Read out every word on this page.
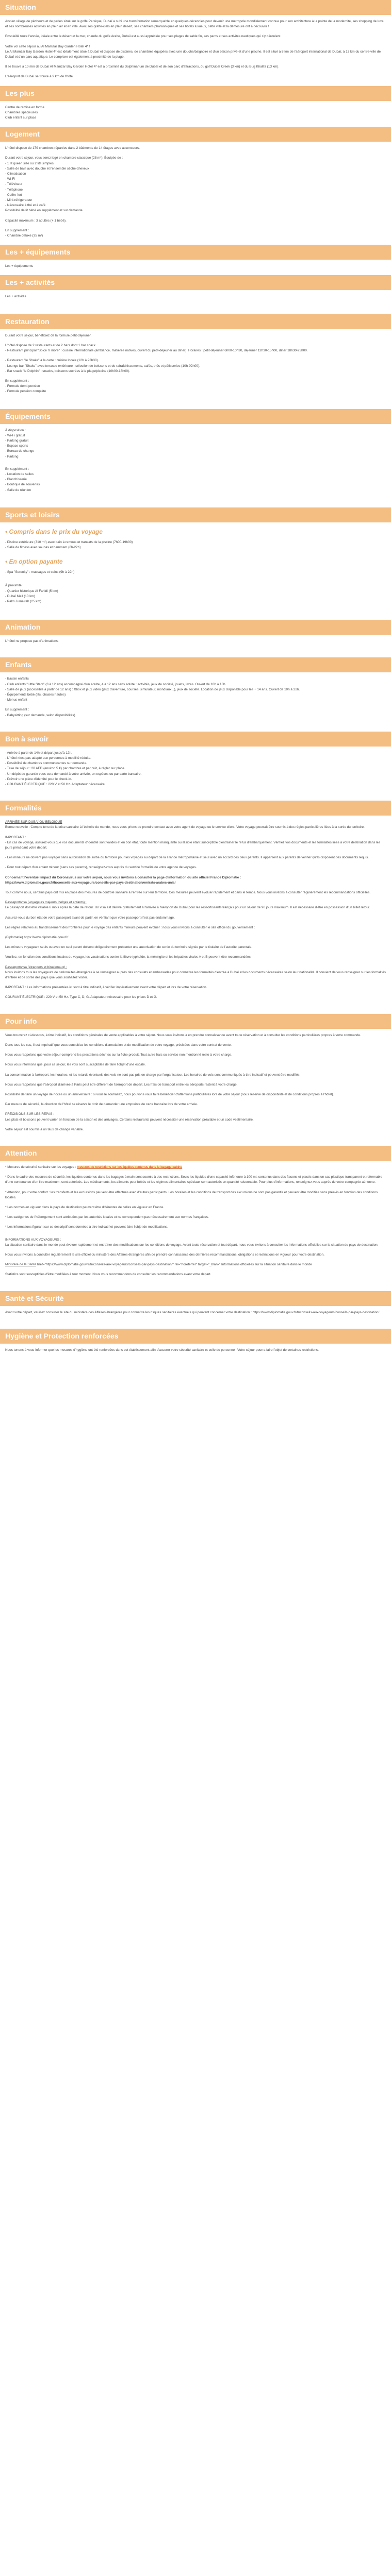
Situation

Ancien village de pêcheurs et de perles situé sur le golfe Persique, Dubaï a subi une transformation remarquable en quelques décennies pour devenir une métropole mondialement connue pour son architecture à la pointe de la modernité, ses shopping de luxe et ses nombreuses activités en plein air et en ville. Avec ses gratte-ciels en plein désert, ses chantiers pharaoniques et ses hôtels luxueux, cette ville et la démesure ont à découvrir !

Ensoleillé toute l'année, idéale entre le désert et la mer, chaude du golfe Arabe, Dubaï est aussi appréciée pour ses plages de sable fin, ses parcs et ses activités nautiques qui s'y déroulent.

Votre vol cette séjour au Al Mamzar Bay Garden Hotel 4* !

Le Al Mamzar Bay Garden Hotel 4* est idéalement situé à Dubaï et dispose de piscines, de chambres équipées avec une douche/baignoire et d'un balcon privé et d'une piscine. Il est situé à 8 km de l'aéroport international de Dubaï, à 13 km du centre-ville de Dubaï et d'un parc aquatique. Le complexe est également à proximité de la plage.

Il se trouve à 10 min de Dubaï Al Mamzar Bay Garden Hotel 4* est à proximité du Dolphinarium de Dubaï et de son parc d'attractions, du golf Dubaï Creek (3 km) et du Burj Khalifa (13 km).

L'aéroport de Dubaï se trouve à 9 km de l'hôtel.

Les plus
Centre de remise en forme
Chambres spacieuses
Club enfant sur place
Logement

L'hôtel dispose de 179 chambres réparties dans 2 bâtiments de 14 étages avec ascenseurs.

Durant votre séjour, vous serez logé en chambre classique (28 m²). Équipée de :
- 1 lit queen size ou 2 lits simples
- Salle de bain avec douche et l'ensemble sèche-cheveux
- Climatisation
- Wi-Fi
- Téléviseur
- Téléphone
- Coffre-fort
- Mini-réfrigérateur
- Nécessaire à thé et à café

Possibilité de lit bébé en supplément et sur demande.

Capacité maximum : 3 adultes (+ 1 bébé).

En supplément :
- Chambre deluxe (35 m²)
Les + équipements
Les + équipements
Les + activités
Les + activités
Restauration

Durant votre séjour, bénéficiez de la formule petit-déjeuner.

L'hôtel dispose de 2 restaurants et de 2 bars dont 1 bar snack.

- Restaurant principal "Spice n' more" : cuisine internationale (ambiance, matières natives, ouvert du petit-déjeuner au dîner). Horaires : petit-déjeuner 6h00-10h30, déjeuner 12h30-15h00, dîner 18h30-23h00.

- Restaurant "le Shake" à la carte : cuisine locale (12h à 23h30).
- Lounge bar "Shake" avec terrasse extérieure : sélection de boissons et de rafraîchissements, cafés, thés et pâtisseries (10h-02h00).

- Bar snack "le Dolphin" : snacks, boissons sucrées à la plage/piscine (10h00-18h00).

En supplément :
- Formule demi-pension
- Formule pension complète
Équipements
À disposition :
- Wi-Fi gratuit
- Parking gratuit
- Espace sports
- Bureau de change
- Parking
En supplément :
- Location de salles
- Blanchisserie
- Boutique de souvenirs
- Salle de réunion
Sports et loisirs
• Compris dans le prix du voyage
- Piscine extérieure (310 m²) avec bain à remous et transats de la piscine (7h00-19h00)
- Salle de fitness avec saunas et hammam (6h-22h)
• En option payante
- Spa "Serenity" : massages et soins (9h à 22h)
À proximité :
- Quartier historique Al Fahidi (5 km)
- Dubaï Mall (10 km)
- Palm Jumeirah (25 km)
Animation
L'hôtel ne propose pas d'animations.
Enfants
- Bassin enfants
- Club enfants "Little Stars" (3 à 12 ans) accompagné d'un adulte, 4 à 12 ans sans adulte : activités, jeux de société, jouets, livres. Ouvert de 10h à 18h.
- Salle de jeux (accessible à partir de 12 ans) : Xbox et jeux vidéo (jeux d'aventure, courses, simulateur, mondiaux...), jeux de société. Location de jeux disponible pour les + 14 ans. Ouvert de 10h à 22h.
- Équipements bébé (lits, chaises hautes)

- Menus enfant

En supplément :
- Babysitting (sur demande, selon disponibilités)
Bon à savoir
- Arrivée à partir de 14h et départ jusqu'à 12h.
- L'hôtel n'est pas adapté aux personnes à mobilité réduite.
- Possibilité de chambres communicantes sur demande.
- Taxe de séjour : 20 AED (environ 5 €) par chambre et par nuit, à régler sur place.
- Un dépôt de garantie vous sera demandé à votre arrivée, en espèces ou par carte bancaire.
- Prévoir une pièce d'identité pour le check-in.
- COURANT ÉLECTRIQUE : 220 V et 50 Hz. Adaptateur nécessaire.
Formalités
ARRIVÉE SUR DUBAÏ OU BELGIQUE

Bonne nouvelle : Compte tenu de la crise sanitaire à l'échelle du monde, nous vous prions de prendre contact avec votre agent de voyage ou le service client. Votre voyage pourrait être soumis à des règles particulières liées à la sortie du territoire.

IMPORTANT :

- En cas de voyage, assurez-vous que vos documents d'identité sont valides et en bon état, toute mention manquante ou illisible étant susceptible d'entraîner le refus d'embarquement. Vérifiez vos documents et les formalités liées à votre destination dans les jours précédant votre départ.

- Les mineurs ne doivent pas voyager sans autorisation de sortie du territoire pour les voyages au départ de la France métropolitaine et seul avec un accord des deux parents. Il appartient aux parents de vérifier qu'ils disposent des documents requis.

- Pour tout départ d'un enfant mineur (sans ses parents), renseignez-vous auprès du service formalité de votre agence de voyages.

Concernant l'éventuel impact du Coronavirus sur votre séjour, nous vous invitons à consulter la page d'information du site officiel France Diplomatie :

https://www.diplomatie.gouv.fr/fr/conseils-aux-voyageurs/conseils-par-pays-destination/emirats-arabes-unis/

Tout comme nous, certains pays ont mis en place des mesures de contrôle sanitaire à l'entrée sur leur territoire. Ces mesures peuvent évoluer rapidement et dans le temps. Nous vous invitons à consulter régulièrement les recommandations officielles.

Passeport/visa (voyageurs majeurs, belges et enfants) :

Le passeport doit être valable 6 mois après la date de retour. Un visa est délivré gratuitement à l'arrivée à l'aéroport de Dubaï pour les ressortissants français pour un séjour de 90 jours maximum. Il est nécessaire d'être en possession d'un billet retour.

Assurez-vous du bon état de votre passeport avant de partir, en vérifiant que votre passeport n'est pas endommagé.

Les règles relatives au franchissement des frontières pour le voyage des enfants mineurs peuvent évoluer : nous vous invitons à consulter le site officiel du gouvernement :

(Diplomatie) https://www.diplomatie.gouv.fr/

Les mineurs voyageant seuls ou avec un seul parent doivent obligatoirement présenter une autorisation de sortie du territoire signée par le titulaire de l'autorité parentale.

Veuillez, en fonction des conditions locales du voyage, les vaccinations contre la fièvre typhoïde, la méningite et les hépatites virales A et B peuvent être recommandées.

Passeport/visa (étrangers et binationaux) :

Nous invitons tous les voyageurs de nationalités étrangères à se renseigner auprès des consulats et ambassades pour connaître les formalités d'entrée à Dubaï et les documents nécessaires selon leur nationalité. Il convient de vous renseigner sur les formalités d'entrée et de sortie des pays que vous souhaitez visiter.

IMPORTANT : Les informations présentées ici sont à titre indicatif, à vérifier impérativement avant votre départ et lors de votre réservation.

COURANT ÉLECTRIQUE : 220 V et 50 Hz. Type C, D, G. Adaptateur nécessaire pour les prises D et G.

Pour info

Vous trouverez ci-dessous, à titre indicatif, les conditions générales de vente applicables à votre séjour. Nous vous invitons à en prendre connaissance avant toute réservation et à consulter les conditions particulières propres à votre commande.

Dans tous les cas, il est impératif que vous consultiez les conditions d'annulation et de modification de votre voyage, précisées dans votre contrat de vente.

Nous vous rappelons que votre séjour comprend les prestations décrites sur la fiche produit. Tout autre frais ou service non mentionné reste à votre charge.

Nous vous informons que, pour ce séjour, les vols sont susceptibles de faire l'objet d'une escale.

La consommation à l'aéroport, les horaires, et les retards éventuels des vols ne sont pas pris en charge par l'organisateur. Les horaires de vols sont communiqués à titre indicatif et peuvent être modifiés.

Nous vous rappelons que l'aéroport d'arrivée à Paris peut être différent de l'aéroport de départ. Les frais de transport entre les aéroports restent à votre charge.

Possibilité de faire un voyage de noces ou un anniversaire : si vous le souhaitez, nous pouvons vous faire bénéficier d'attentions particulières lors de votre séjour (sous réserve de disponibilité et de conditions propres à l'hôtel).

Par mesure de sécurité, la direction de l'hôtel se réserve le droit de demander une empreinte de carte bancaire lors de votre arrivée.

PRÉCISIONS SUR LES REPAS :

Les plats et boissons peuvent varier en fonction de la saison et des arrivages. Certains restaurants peuvent nécessiter une réservation préalable et un code vestimentaire.

Votre séjour est soumis à un taux de change variable.

Attention

* Mesures de sécurité sanitaire sur les voyages : mesures de restrictions sur les liquides contenus dans le bagage cabine

* Dans le cadre des mesures de sécurité, les liquides contenus dans les bagages à main sont soumis à des restrictions. Seuls les liquides d'une capacité inférieure à 100 ml, contenus dans des flacons et placés dans un sac plastique transparent et refermable d'une contenance d'un litre maximum, sont autorisés. Les médicaments, les aliments pour bébés et les régimes alimentaires spéciaux sont autorisés en quantité raisonnable. Pour plus d'informations, renseignez-vous auprès de votre compagnie aérienne.

* Attention, pour votre confort : les transferts et les excursions peuvent être effectués avec d'autres participants. Les horaires et les conditions de transport des excursions ne sont pas garantis et peuvent être modifiés sans préavis en fonction des conditions locales.

* Les normes en vigueur dans le pays de destination peuvent être différentes de celles en vigueur en France.

* Les catégories de l'hébergement sont attribuées par les autorités locales et ne correspondent pas nécessairement aux normes françaises.

* Les informations figurant sur ce descriptif sont données à titre indicatif et peuvent faire l'objet de modifications.

INFORMATIONS AUX VOYAGEURS :

La situation sanitaire dans le monde peut évoluer rapidement et entraîner des modifications sur les conditions de voyage. Avant toute réservation et tout départ, nous vous invitons à consulter les informations officielles sur la situation du pays de destination.

Nous vous invitons à consulter régulièrement le site officiel du ministère des Affaires étrangères afin de prendre connaissance des dernières recommandations, obligations et restrictions en vigueur pour votre destination.

Ministère de la Santé href="https://www.diplomatie.gouv.fr/fr/conseils-aux-voyageurs/conseils-par-pays-destination/" rel="noreferrer" target="_blank" Informations officielles sur la situation sanitaire dans le monde

Statistics sont susceptibles d'être modifiées à tout moment. Nous vous recommandons de consulter les recommandations avant votre départ.

Santé et Sécurité

Avant votre départ, veuillez consulter le site du ministère des Affaires étrangères pour connaître les risques sanitaires éventuels qui peuvent concerner votre destination : https://www.diplomatie.gouv.fr/fr/conseils-aux-voyageurs/conseils-par-pays-destination/

Hygiène et Protection renforcées

Nous tenons à vous informer que les mesures d'hygiène ont été renforcées dans cet établissement afin d'assurer votre sécurité sanitaire et celle du personnel. Votre séjour pourra faire l'objet de certaines restrictions.
